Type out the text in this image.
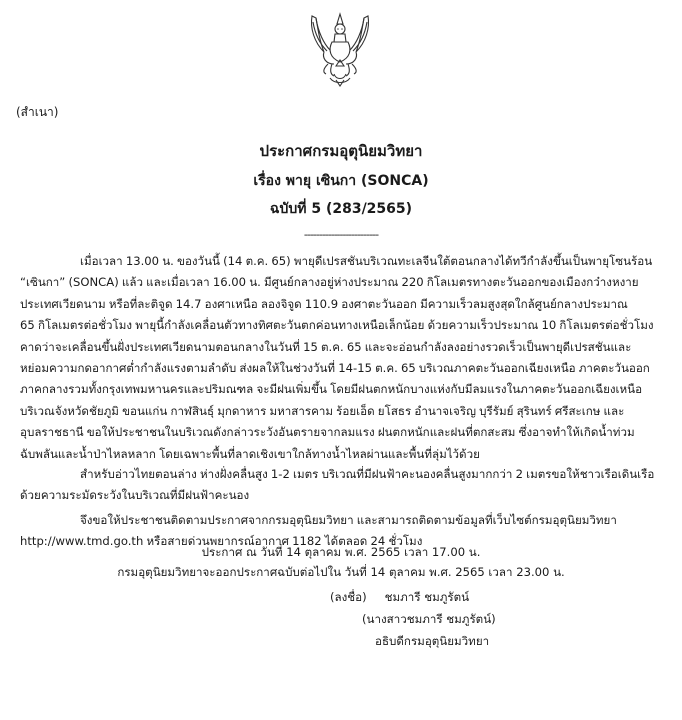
(สำเนา)
ประกาศกรมอุตุนิยมวิทยา
เรื่อง พายุ เซินกา (SONCA)
ฉบับที่ 5 (283/2565)
-------------------------
เมื่อเวลา 13.00 น. ของวันนี้ (14 ต.ค. 65) พายุดีเปรสชันบริเวณทะเลจีนใต้ตอนกลางได้ทวีกำลังขึ้นเป็นพายุโซนร้อน
“เซินกา” (SONCA) แล้ว และเมื่อเวลา 16.00 น. มีศูนย์กลางอยู่ห่างประมาณ 220 กิโลเมตรทางตะวันออกของเมืองกว๋างหงาย
ประเทศเวียดนาม หรือที่ละติจูด 14.7 องศาเหนือ ลองจิจูด 110.9 องศาตะวันออก มีความเร็วลมสูงสุดใกล้ศูนย์กลางประมาณ
65 กิโลเมตรต่อชั่วโมง พายุนี้กำลังเคลื่อนตัวทางทิศตะวันตกค่อนทางเหนือเล็กน้อย ด้วยความเร็วประมาณ 10 กิโลเมตรต่อชั่วโมง
คาดว่าจะเคลื่อนขึ้นฝั่งประเทศเวียดนามตอนกลางในวันที่ 15 ต.ค. 65 และจะอ่อนกำลังลงอย่างรวดเร็วเป็นพายุดีเปรสชันและ
หย่อมความกดอากาศต่ำกำลังแรงตามลำดับ ส่งผลให้ในช่วงวันที่ 14-15 ต.ค. 65 บริเวณภาคตะวันออกเฉียงเหนือ ภาคตะวันออก
ภาคกลางรวมทั้งกรุงเทพมหานครและปริมณฑล จะมีฝนเพิ่มขึ้น โดยมีฝนตกหนักบางแห่งกับมีลมแรงในภาคตะวันออกเฉียงเหนือ
บริเวณจังหวัดชัยภูมิ ขอนแก่น กาฬสินธุ์ มุกดาหาร มหาสารคาม ร้อยเอ็ด ยโสธร อำนาจเจริญ บุรีรัมย์ สุรินทร์ ศรีสะเกษ และ
อุบลราชธานี ขอให้ประชาชนในบริเวณดังกล่าวระวังอันตรายจากลมแรง ฝนตกหนักและฝนที่ตกสะสม ซึ่งอาจทำให้เกิดน้ำท่วม
ฉับพลันและน้ำป่าไหลหลาก โดยเฉพาะพื้นที่ลาดเชิงเขาใกล้ทางน้ำไหลผ่านและพื้นที่ลุ่มไว้ด้วย
สำหรับอ่าวไทยตอนล่าง ห่างฝั่งคลื่นสูง 1-2 เมตร บริเวณที่มีฝนฟ้าคะนองคลื่นสูงมากกว่า 2 เมตรขอให้ชาวเรือเดินเรือ
ด้วยความระมัดระวังในบริเวณที่มีฝนฟ้าคะนอง
จึงขอให้ประชาชนติดตามประกาศจากกรมอุตุนิยมวิทยา และสามารถติดตามข้อมูลที่เว็บไซต์กรมอุตุนิยมวิทยา
http://www.tmd.go.th หรือสายด่วนพยากรณ์อากาศ 1182 ได้ตลอด 24 ชั่วโมง
ประกาศ ณ วันที่ 14 ตุลาคม พ.ศ. 2565 เวลา 17.00 น.
กรมอุตุนิยมวิทยาจะออกประกาศฉบับต่อไปใน วันที่ 14 ตุลาคม พ.ศ. 2565 เวลา 23.00 น.
(ลงชื่อ) ชมภารี ชมภูรัตน์
(นางสาวชมภารี ชมภูรัตน์)
อธิบดีกรมอุตุนิยมวิทยา
